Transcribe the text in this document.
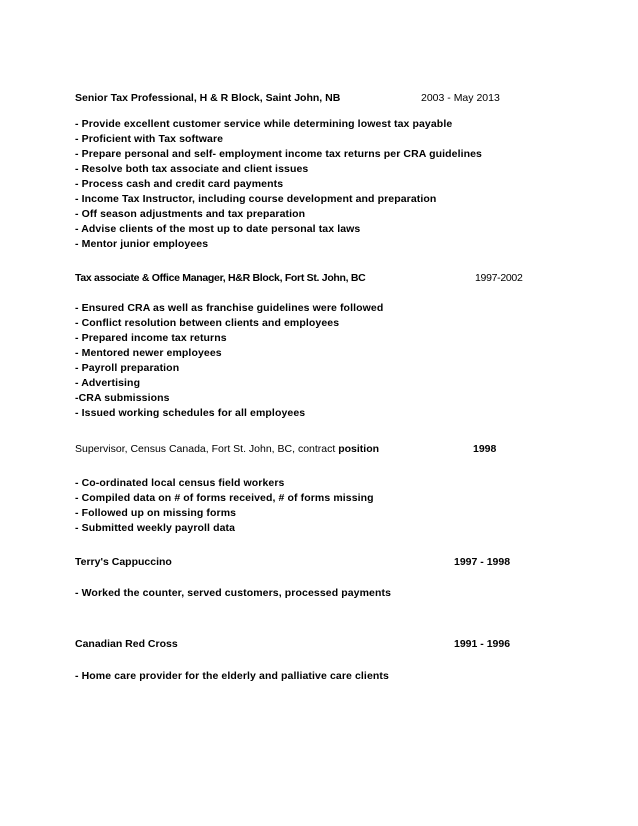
Senior Tax Professional, H & R Block, Saint John, NB	2003 - May 2013
- Provide excellent customer service while determining lowest tax payable
- Proficient with Tax software
- Prepare personal and self- employment income tax returns per CRA guidelines
- Resolve both tax associate and client issues
- Process cash and credit card payments
- Income Tax Instructor, including course development and preparation
- Off season adjustments and tax preparation
- Advise clients of the most up to date personal tax laws
- Mentor junior employees
Tax associate & Office Manager, H&R Block, Fort St. John, BC	1997-2002
- Ensured CRA as well as franchise guidelines were followed
- Conflict resolution between clients and employees
- Prepared income tax returns
- Mentored newer employees
- Payroll preparation
- Advertising
-CRA submissions
- Issued working schedules for all employees
Supervisor, Census Canada, Fort St. John, BC, contract position	1998
- Co-ordinated local census field workers
- Compiled data on # of forms received, # of forms missing
- Followed up on missing forms
- Submitted weekly payroll data
Terry's Cappuccino	1997 - 1998
- Worked the counter, served customers, processed payments
Canadian Red Cross	1991 - 1996
- Home care provider for the elderly and palliative care clients
